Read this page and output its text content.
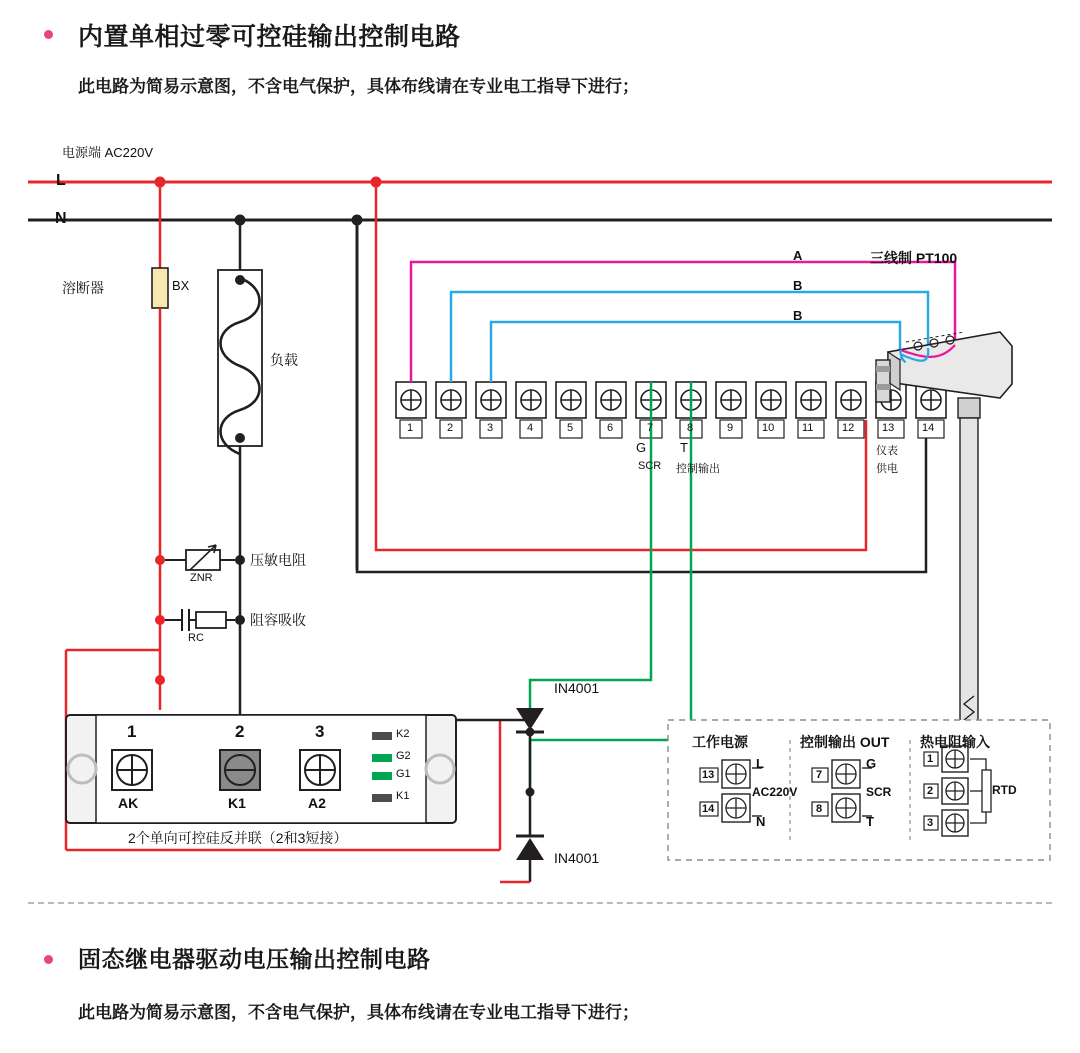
内置单相过零可控硅输出控制电路
此电路为简易示意图，不含电气保护，具体布线请在专业电工指导下进行；
电源端 AC220V
L
N
溶断器	BX
负载
压敏电阻
ZNR
阻容吸收
RC
A
B
B
三线制 PT100
1	2	3	4	5	6	7	8	9	10	11	12	13	14
G
SCR
T
控制输出
仪表
供电
IN4001
IN4001
1	2	3
AK	K1	A2
K2
G2
G1
K1
2个单向可控硅反并联（2和3短接）
工作电源	控制输出 OUT 热电阻输入
13
14
L
N
AC220V
7
8
G
T
SCR
1
2
3
RTD
固态继电器驱动电压输出控制电路
此电路为简易示意图，不含电气保护，具体布线请在专业电工指导下进行；
